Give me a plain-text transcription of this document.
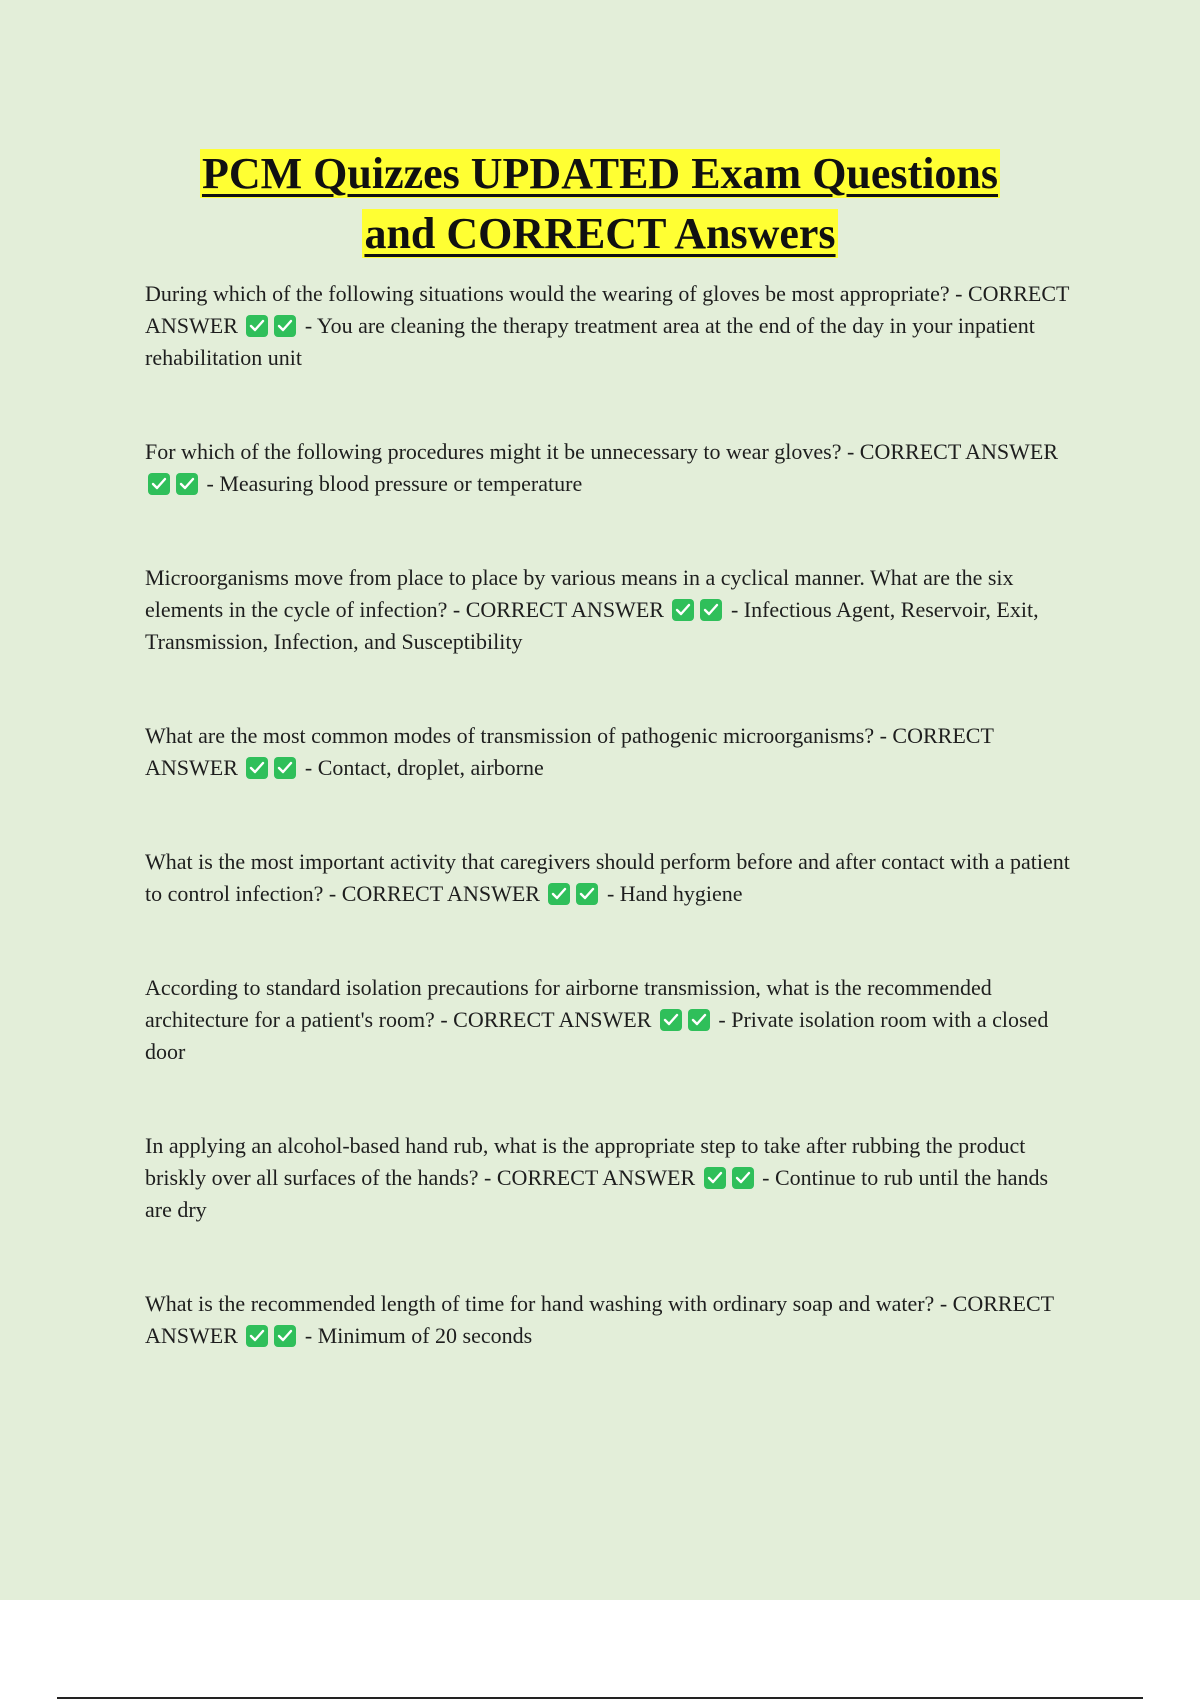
PCM Quizzes UPDATED Exam Questions
and CORRECT Answers

During which of the following situations would the wearing of gloves be most appropriate? - CORRECT ANSWER	- You are cleaning the therapy treatment area at the end of the day in your inpatient rehabilitation unit

For which of the following procedures might it be unnecessary to wear gloves? - CORRECT ANSWER
- Measuring blood pressure or temperature

Microorganisms move from place to place by various means in a cyclical manner. What are the six elements in the cycle of infection? - CORRECT ANSWER	- Infectious Agent, Reservoir, Exit, Transmission, Infection, and Susceptibility

What are the most common modes of transmission of pathogenic microorganisms? - CORRECT ANSWER	- Contact, droplet, airborne

What is the most important activity that caregivers should perform before and after contact with a patient to control infection? - CORRECT ANSWER	- Hand hygiene

According to standard isolation precautions for airborne transmission, what is the recommended architecture for a patient's room? - CORRECT ANSWER	- Private isolation room with a closed door

In applying an alcohol-based hand rub, what is the appropriate step to take after rubbing the product briskly over all surfaces of the hands? - CORRECT ANSWER	- Continue to rub until the hands are dry

What is the recommended length of time for hand washing with ordinary soap and water? - CORRECT ANSWER	- Minimum of 20 seconds
